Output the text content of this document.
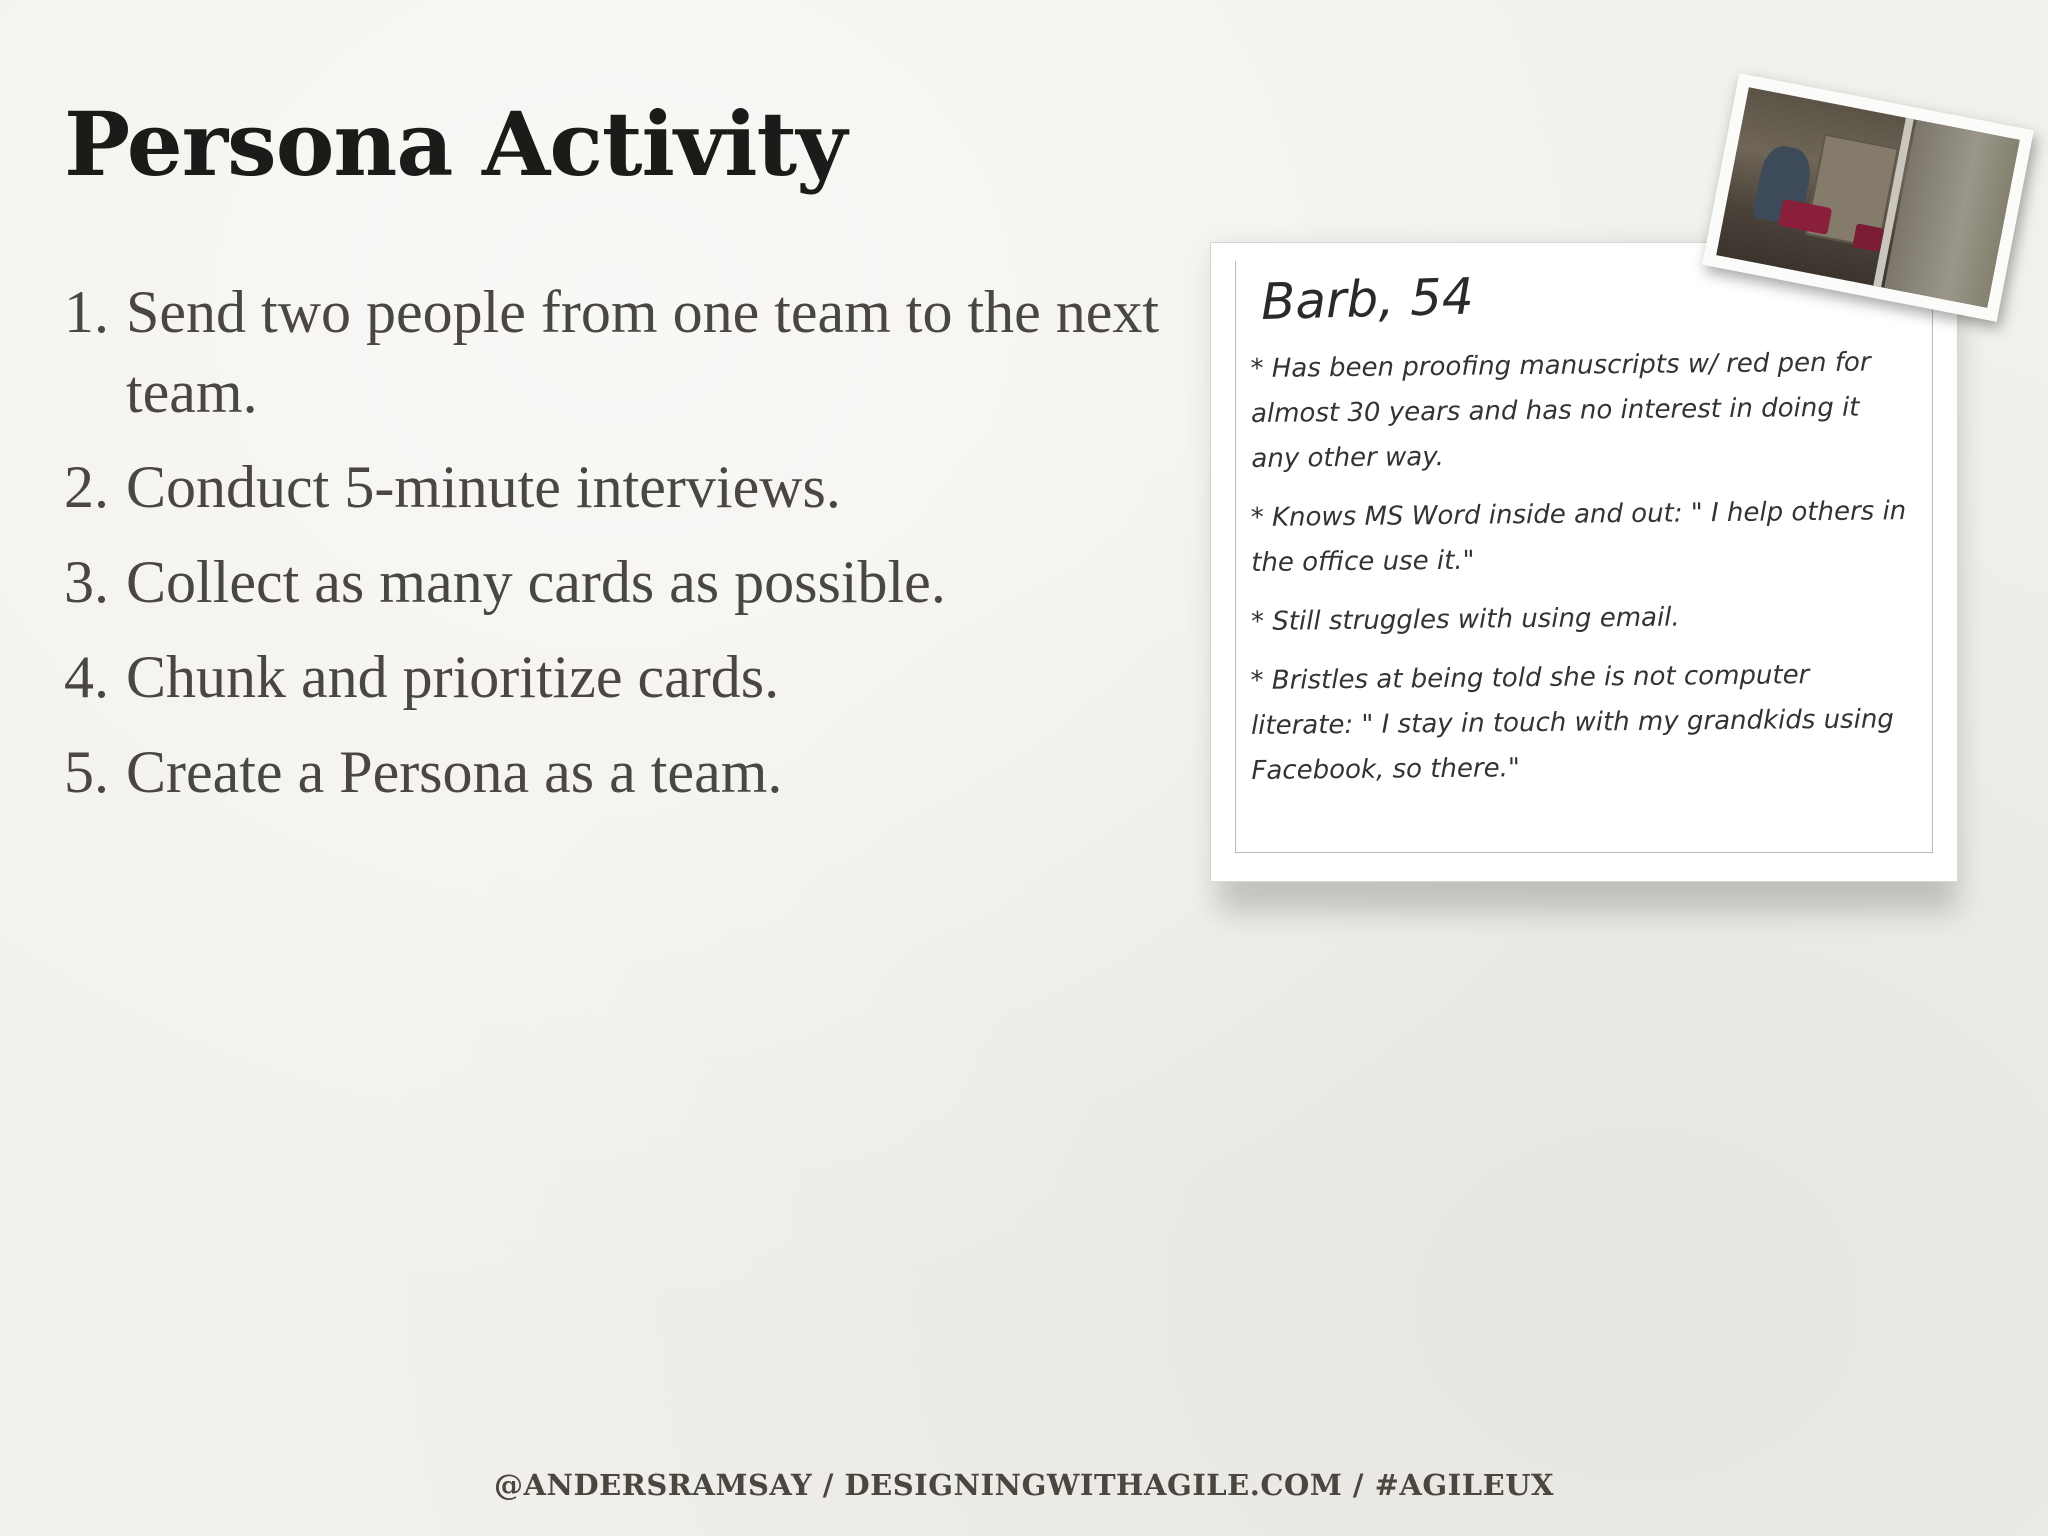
Persona Activity
1. Send two people from one team to the next team.
2. Conduct 5-minute interviews.
3. Collect as many cards as possible.
4. Chunk and prioritize cards.
5. Create a Persona as a team.
Barb, 54
* Has been proofing manuscripts w/ red pen for almost 30 years and has no interest in doing it any other way.
* Knows MS Word inside and out: " I help others in the office use it."
* Still struggles with using email.
* Bristles at being told she is not computer literate: " I stay in touch with my grandkids using Facebook, so there."
@ANDERSRAMSAY / DESIGNINGWITHAGILE.COM / #AGILEUX
